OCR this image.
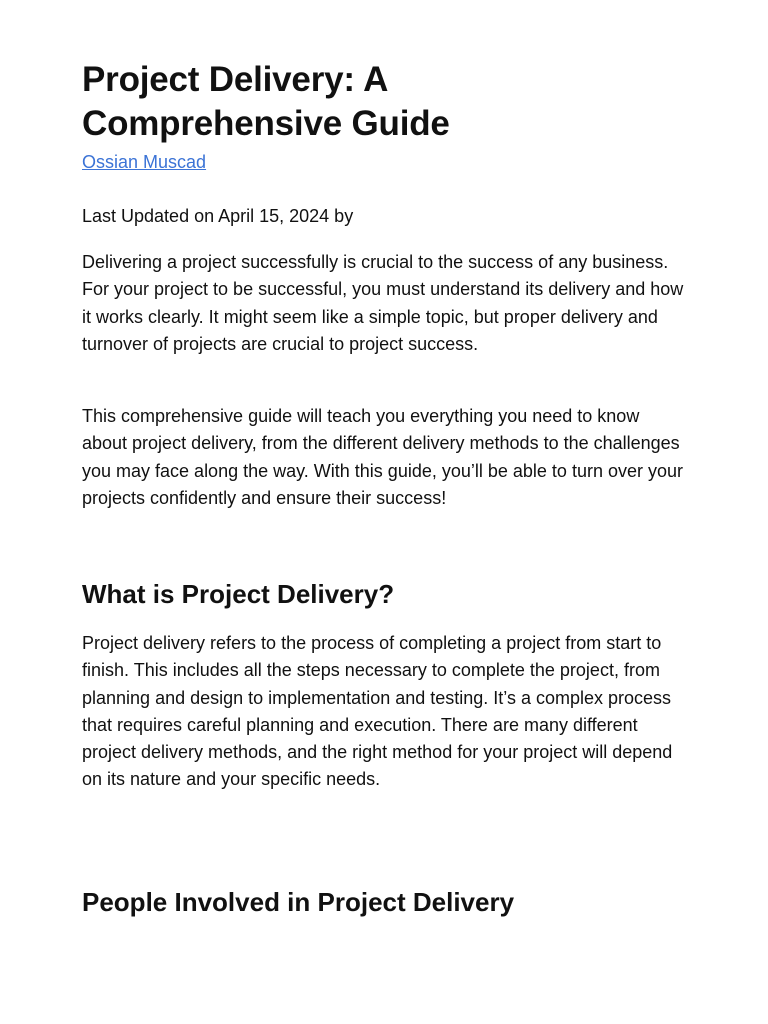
Project Delivery: A Comprehensive Guide
Ossian Muscad

Last Updated on April 15, 2024 by

Delivering a project successfully is crucial to the success of any business. For your project to be successful, you must understand its delivery and how it works clearly. It might seem like a simple topic, but proper delivery and turnover of projects are crucial to project success.

This comprehensive guide will teach you everything you need to know about project delivery, from the different delivery methods to the challenges you may face along the way. With this guide, you’ll be able to turn over your projects confidently and ensure their success!

What is Project Delivery?

Project delivery refers to the process of completing a project from start to finish. This includes all the steps necessary to complete the project, from planning and design to implementation and testing. It’s a complex process that requires careful planning and execution. There are many different project delivery methods, and the right method for your project will depend on its nature and your specific needs.

People Involved in Project Delivery
